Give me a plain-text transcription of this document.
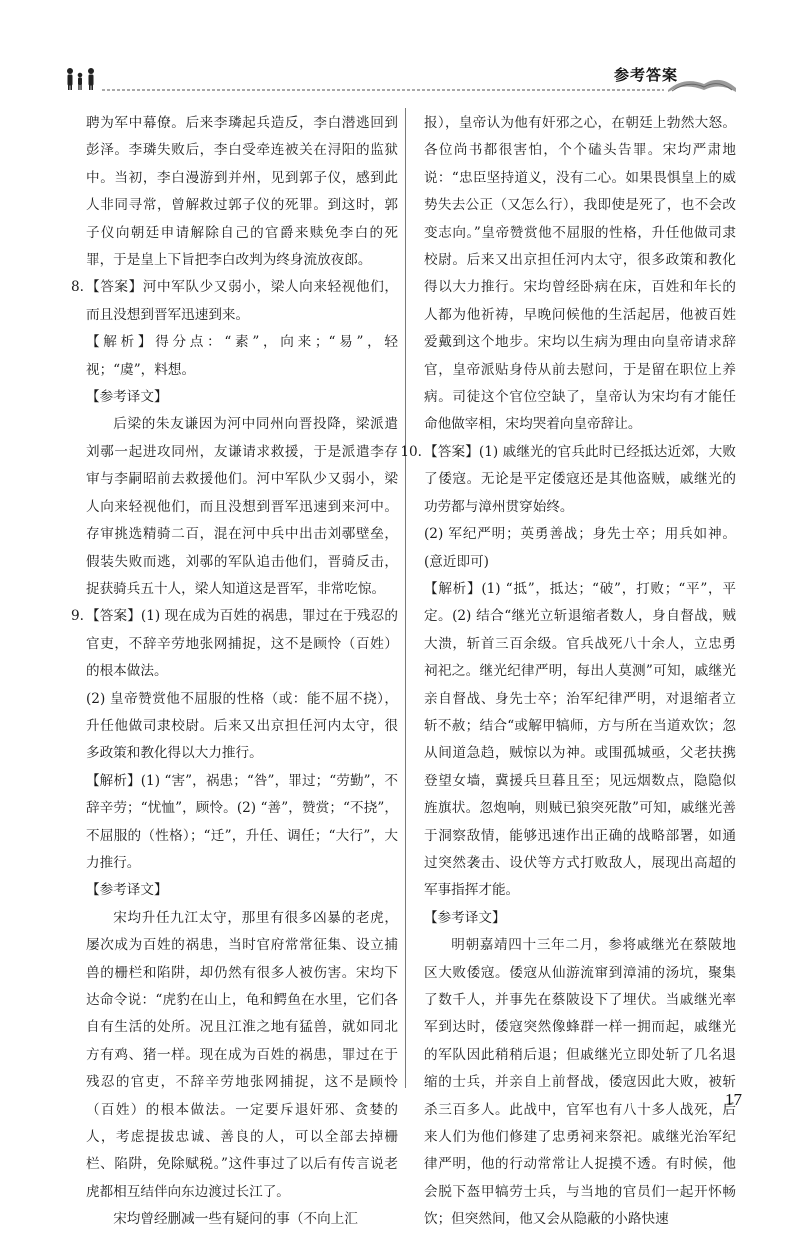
参考答案

聘为军中幕僚。后来李璘起兵造反，李白潜逃回到彭泽。李璘失败后，李白受牵连被关在浔阳的监狱中。当初，李白漫游到并州，见到郭子仪，感到此人非同寻常，曾解救过郭子仪的死罪。到这时，郭子仪向朝廷申请解除自己的官爵来赎免李白的死罪，于是皇上下旨把李白改判为终身流放夜郎。

8. 【答案】河中军队少又弱小，梁人向来轻视他们，而且没想到晋军迅速到来。

【解析】得分点：“素”，向来；“易”，轻视；“虞”，料想。

【参考译文】

后梁的朱友谦因为河中同州向晋投降，梁派遣刘鄩一起进攻同州，友谦请求救援，于是派遣李存审与李嗣昭前去救援他们。河中军队少又弱小，梁人向来轻视他们，而且没想到晋军迅速到来河中。存审挑选精骑二百，混在河中兵中出击刘鄩壁垒，假装失败而逃，刘鄩的军队追击他们，晋骑反击，捉获骑兵五十人，梁人知道这是晋军，非常吃惊。

9. 【答案】(1) 现在成为百姓的祸患，罪过在于残忍的官吏，不辞辛劳地张网捕捉，这不是顾怜（百姓）的根本做法。

(2) 皇帝赞赏他不屈服的性格（或：能不屈不挠），升任他做司隶校尉。后来又出京担任河内太守，很多政策和教化得以大力推行。

【解析】(1) “害”，祸患；“咎”，罪过；“劳勤”，不辞辛劳；“忧恤”，顾怜。(2) “善”，赞赏；“不挠”，不屈服的（性格）；“迁”，升任、调任；“大行”，大力推行。

【参考译文】

宋均升任九江太守，那里有很多凶暴的老虎，屡次成为百姓的祸患，当时官府常常征集、设立捕兽的栅栏和陷阱，却仍然有很多人被伤害。宋均下达命令说：“虎豹在山上，龟和鳄鱼在水里，它们各自有生活的处所。况且江淮之地有猛兽，就如同北方有鸡、猪一样。现在成为百姓的祸患，罪过在于残忍的官吏，不辞辛劳地张网捕捉，这不是顾怜（百姓）的根本做法。一定要斥退奸邪、贪婪的人，考虑提拔忠诚、善良的人，可以全部去掉栅栏、陷阱，免除赋税。”这件事过了以后有传言说老虎都相互结伴向东边渡过长江了。

宋均曾经删减一些有疑问的事（不向上汇

报），皇帝认为他有奸邪之心，在朝廷上勃然大怒。各位尚书都很害怕，个个磕头告罪。宋均严肃地说：“忠臣坚持道义，没有二心。如果畏惧皇上的威势失去公正（又怎么行），我即使是死了，也不会改变志向。”皇帝赞赏他不屈服的性格，升任他做司隶校尉。后来又出京担任河内太守，很多政策和教化得以大力推行。宋均曾经卧病在床，百姓和年长的人都为他祈祷，早晚问候他的生活起居，他被百姓爱戴到这个地步。宋均以生病为理由向皇帝请求辞官，皇帝派贴身侍从前去慰问，于是留在职位上养病。司徒这个官位空缺了，皇帝认为宋均有才能任命他做宰相，宋均哭着向皇帝辞让。

10. 【答案】(1) 戚继光的官兵此时已经抵达近郊，大败了倭寇。无论是平定倭寇还是其他盗贼，戚继光的功劳都与漳州贯穿始终。

(2) 军纪严明；英勇善战；身先士卒；用兵如神。(意近即可)

【解析】(1) “抵”，抵达；“破”，打败；“平”，平定。(2) 结合“继光立斩退缩者数人，身自督战，贼大溃，斩首三百余级。官兵战死八十余人，立忠勇祠祀之。继光纪律严明，每出人莫测”可知，戚继光亲自督战、身先士卒；治军纪律严明，对退缩者立斩不赦；结合“或解甲犒师，方与所在当道欢饮；忽从间道急趋，贼惊以为神。或围孤城亟，父老扶携登望女墙，冀援兵旦暮且至；见远烟数点，隐隐似旌旗状。忽炮响，则贼已狼突死散”可知，戚继光善于洞察敌情，能够迅速作出正确的战略部署，如通过突然袭击、设伏等方式打败敌人，展现出高超的军事指挥才能。

【参考译文】

明朝嘉靖四十三年二月，参将戚继光在蔡陂地区大败倭寇。倭寇从仙游流窜到漳浦的汤坑，聚集了数千人，并事先在蔡陂设下了埋伏。当戚继光率军到达时，倭寇突然像蜂群一样一拥而起，戚继光的军队因此稍稍后退；但戚继光立即处斩了几名退缩的士兵，并亲自上前督战，倭寇因此大败，被斩杀三百多人。此战中，官军也有八十多人战死，后来人们为他们修建了忠勇祠来祭祀。戚继光治军纪律严明，他的行动常常让人捉摸不透。有时候，他会脱下盔甲犒劳士兵，与当地的官员们一起开怀畅饮；但突然间，他又会从隐蔽的小路快速

17
